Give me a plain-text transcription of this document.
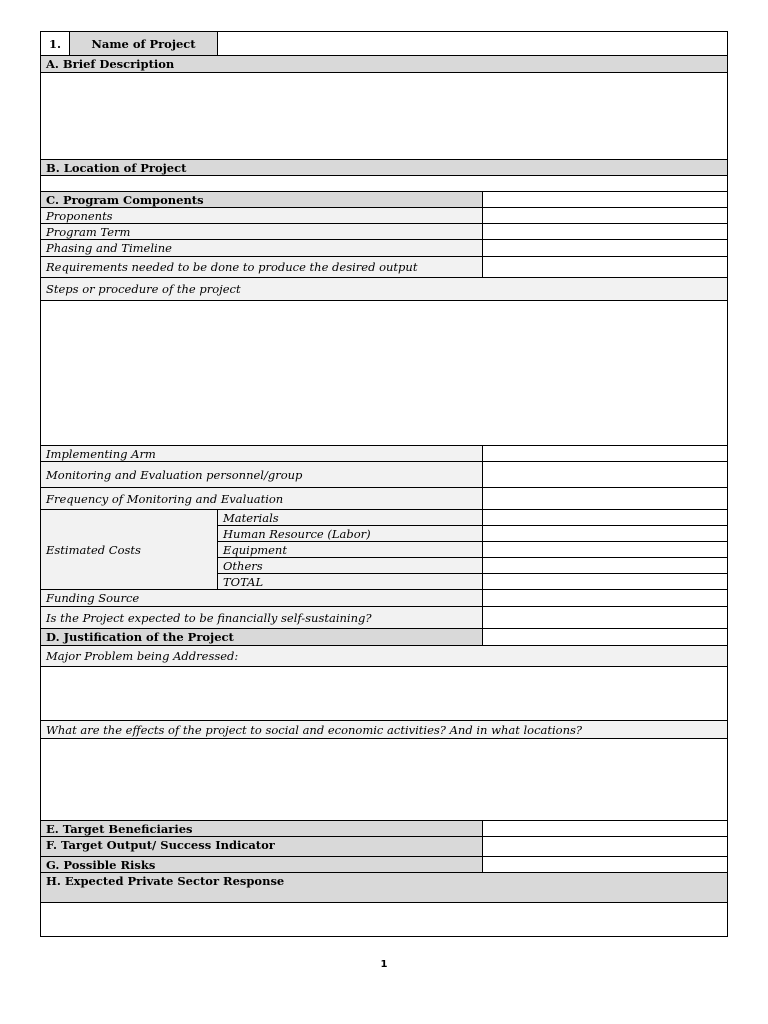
1.	Name of Project
A. Brief Description
B. Location of Project
C. Program Components
Proponents
Program Term
Phasing and Timeline
Requirements needed to be done to produce the desired output
Steps or procedure of the project
Implementing Arm
Monitoring and Evaluation personnel/group
Frequency of Monitoring and Evaluation
Estimated Costs
Materials
Human Resource (Labor)
Equipment
Others
TOTAL
Funding Source
Is the Project expected to be financially self-sustaining?
D. Justification of the Project
Major Problem being Addressed:
What are the effects of the project to social and economic activities? And in what locations?
E. Target Beneficiaries
F. Target Output/ Success Indicator
G. Possible Risks
H. Expected Private Sector Response
1
